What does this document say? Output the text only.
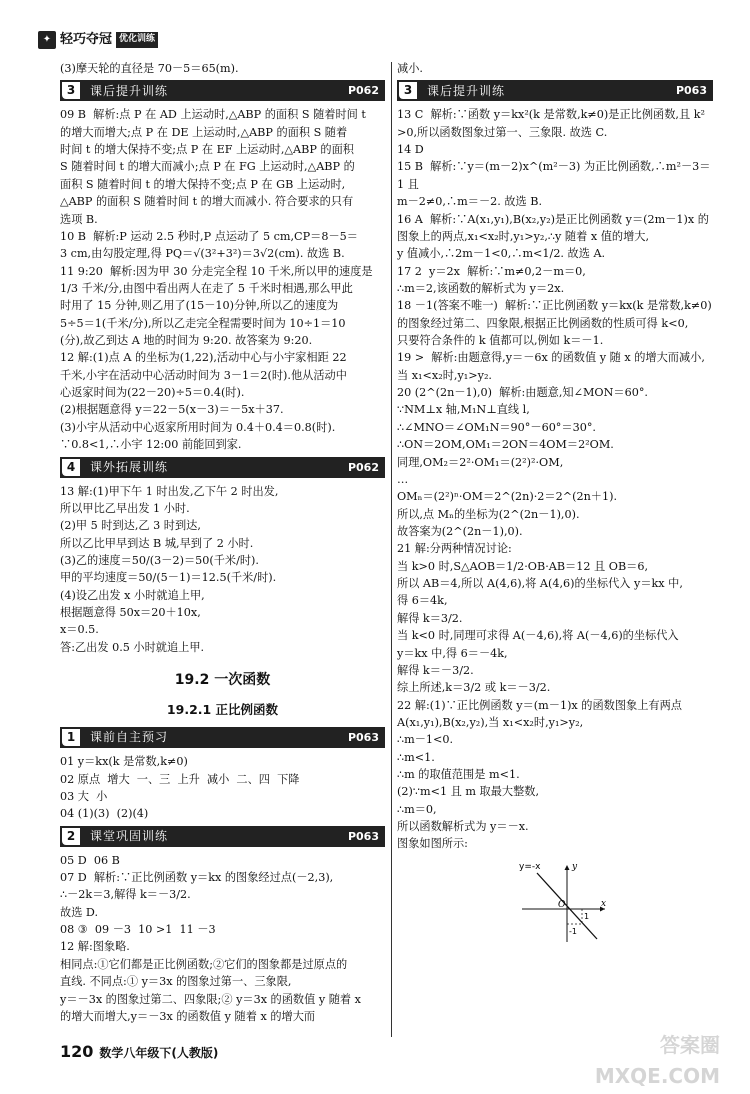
✦ 轻巧夺冠 优化训练
(3)摩天轮的直径是 70－5＝65(m).
3	课后提升训练	P062
09 B  解析:点 P 在 AD 上运动时,△ABP 的面积 S 随着时间 t
的增大而增大;点 P 在 DE 上运动时,△ABP 的面积 S 随着
时间 t 的增大保持不变;点 P 在 EF 上运动时,△ABP 的面积
S 随着时间 t 的增大而减小;点 P 在 FG 上运动时,△ABP 的
面积 S 随着时间 t 的增大保持不变;点 P 在 GB 上运动时,
△ABP 的面积 S 随着时间 t 的增大而减小. 符合要求的只有
选项 B.
10 B  解析:P 运动 2.5 秒时,P 点运动了 5 cm,CP＝8－5＝
3 cm,由勾股定理,得 PQ＝√(3²+3²)＝3√2(cm). 故选 B.
11 9:20  解析:因为甲 30 分走完全程 10 千米,所以甲的速度是
1/3 千米/分,由图中看出两人在走了 5 千米时相遇,那么甲此
时用了 15 分钟,则乙用了(15－10)分钟,所以乙的速度为
5÷5＝1(千米/分),所以乙走完全程需要时间为 10÷1＝10
(分),故乙到达 A 地的时间为 9:20. 故答案为 9:20.
12 解:(1)点 A 的坐标为(1,22),活动中心与小宇家相距 22
千米,小宇在活动中心活动时间为 3－1＝2(时).他从活动中
心返家时间为(22－20)÷5＝0.4(时).
(2)根据题意得 y＝22－5(x－3)＝－5x＋37.
(3)小宇从活动中心返家所用时间为 0.4＋0.4＝0.8(时).
∵0.8<1,∴小宇 12:00 前能回到家.
4	课外拓展训练	P062
13 解:(1)甲下午 1 时出发,乙下午 2 时出发,
所以甲比乙早出发 1 小时.
(2)甲 5 时到达,乙 3 时到达,
所以乙比甲早到达 B 城,早到了 2 小时.
(3)乙的速度＝50/(3－2)＝50(千米/时).
甲的平均速度＝50/(5－1)＝12.5(千米/时).
(4)设乙出发 x 小时就追上甲,
根据题意得 50x＝20＋10x,
x＝0.5.
答:乙出发 0.5 小时就追上甲.
19.2 一次函数
19.2.1 正比例函数
1	课前自主预习	P063
01 y＝kx(k 是常数,k≠0)
02 原点  增大  一、三  上升  减小  二、四  下降
03 大  小
04 (1)(3)  (2)(4)
2	课堂巩固训练	P063
05 D  06 B
07 D  解析:∵正比例函数 y＝kx 的图象经过点(－2,3),
∴－2k＝3,解得 k＝－3/2.
故选 D.
08 ③  09 －3  10 >1  11 －3
12 解:图象略.
相同点:①它们都是正比例函数;②它们的图象都是过原点的
直线. 不同点:① y＝3x 的图象过第一、三象限,
y＝－3x 的图象过第二、四象限;② y＝3x 的函数值 y 随着 x
的增大而增大,y＝－3x 的函数值 y 随着 x 的增大而
减小.
3	课后提升训练	P063
13 C  解析:∵函数 y＝kx²(k 是常数,k≠0)是正比例函数,且 k²
>0,所以函数图象过第一、三象限. 故选 C.
14 D
15 B  解析:∵y＝(m－2)x^(m²－3) 为正比例函数,∴m²－3＝1 且
m－2≠0,∴m＝－2. 故选 B.
16 A  解析:∵A(x₁,y₁),B(x₂,y₂)是正比例函数 y＝(2m－1)x 的
图象上的两点,x₁<x₂时,y₁>y₂,∴y 随着 x 值的增大,
y 值减小,∴2m－1<0,∴m<1/2. 故选 A.
17 2  y＝2x  解析:∵m≠0,2－m＝0,
∴m＝2,该函数的解析式为 y＝2x.
18 －1(答案不唯一)  解析:∵正比例函数 y＝kx(k 是常数,k≠0)
的图象经过第二、四象限,根据正比例函数的性质可得 k<0,
只要符合条件的 k 值都可以,例如 k＝－1.
19 >  解析:由题意得,y＝－6x 的函数值 y 随 x 的增大而减小,
当 x₁<x₂时,y₁>y₂.
20 (2^(2n－1),0)  解析:由题意,知∠MON＝60°.
∵NM⊥x 轴,M₁N⊥直线 l,
∴∠MNO＝∠OM₁N＝90°－60°＝30°.
∴ON＝2OM,OM₁＝2ON＝4OM＝2²OM.
同理,OM₂＝2²·OM₁＝(2²)²·OM,
…
OMₙ＝(2²)ⁿ·OM＝2^(2n)·2＝2^(2n＋1).
所以,点 Mₙ的坐标为(2^(2n－1),0).
故答案为(2^(2n－1),0).
21 解:分两种情况讨论:
当 k>0 时,S△AOB＝1/2·OB·AB＝12 且 OB＝6,
所以 AB＝4,所以 A(4,6),将 A(4,6)的坐标代入 y＝kx 中,
得 6＝4k,
解得 k＝3/2.
当 k<0 时,同理可求得 A(－4,6),将 A(－4,6)的坐标代入
y＝kx 中,得 6＝－4k,
解得 k＝－3/2.
综上所述,k＝3/2 或 k＝－3/2.
22 解:(1)∵正比例函数 y＝(m－1)x 的函数图象上有两点
A(x₁,y₁),B(x₂,y₂),当 x₁<x₂时,y₁>y₂,
∴m－1<0.
∴m<1.
∴m 的取值范围是 m<1.
(2)∵m<1 且 m 取最大整数,
∴m＝0,
所以函数解析式为 y＝－x.
图象如图所示:
y=-x	y
x
O
1
-1
120 数学八年级下(人教版)	答案圈
MXQE.COM
